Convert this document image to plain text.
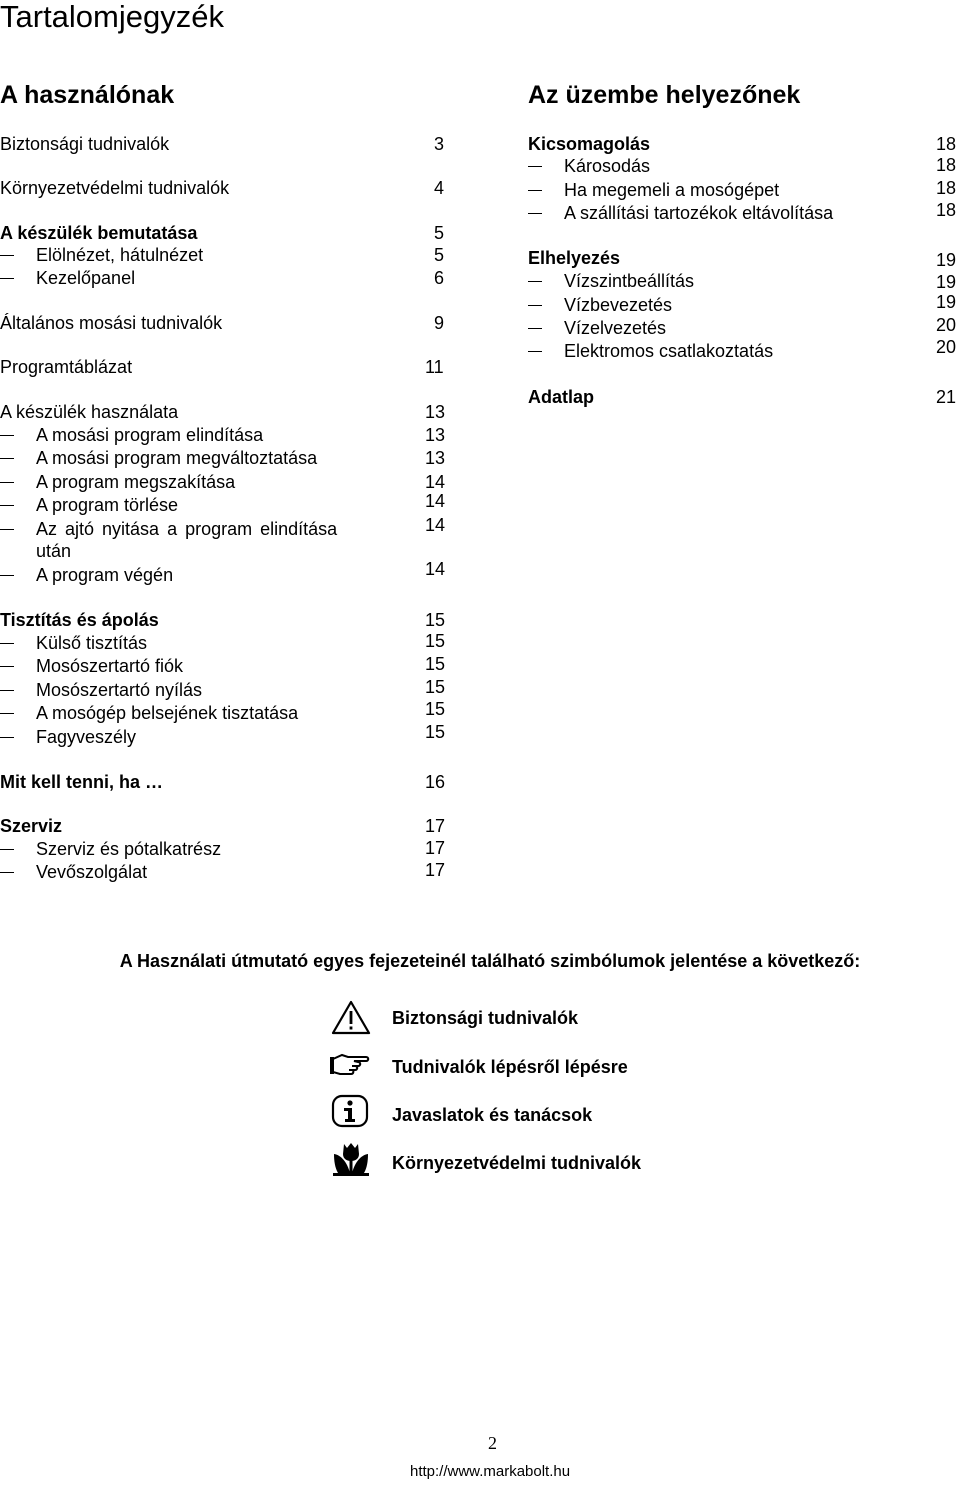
Tartalomjegyzék
A használónak	Az üzembe helyezőnek
Biztonsági tudnivalók	3
Környezetvédelmi tudnivalók	4
A készülék bemutatása	5
Elölnézet, hátulnézet	5
Kezelőpanel	6
Általános mosási tudnivalók	9
Programtáblázat	11
A készülék használata	13
A mosási program elindítása	13
A mosási program megváltoztatása	13
A program megszakítása	14
A program törlése	14
Az ajtó nyitása a program elindítása
után
14
A program végén	14
Tisztítás és ápolás	15
Külső tisztítás	15
Mosószertartó fiók	15
Mosószertartó nyílás	15
A mosógép belsejének tisztatása	15
Fagyveszély	15
Mit kell tenni, ha …	16
Szerviz	17
Szerviz és pótalkatrész	17
Vevőszolgálat	17
Kicsomagolás	18
Károsodás	18
Ha megemeli a mosógépet	18
A szállítási tartozékok eltávolítása	18
Elhelyezés	19
Vízszintbeállítás	19
Vízbevezetés	19
Vízelvezetés	20
Elektromos csatlakoztatás	20
Adatlap	21
A Használati útmutató egyes fejezeteinél található szimbólumok jelentése a következő:
Biztonsági tudnivalók
Tudnivalók lépésről lépésre
Javaslatok és tanácsok
Környezetvédelmi tudnivalók
2
http://www.markabolt.hu
